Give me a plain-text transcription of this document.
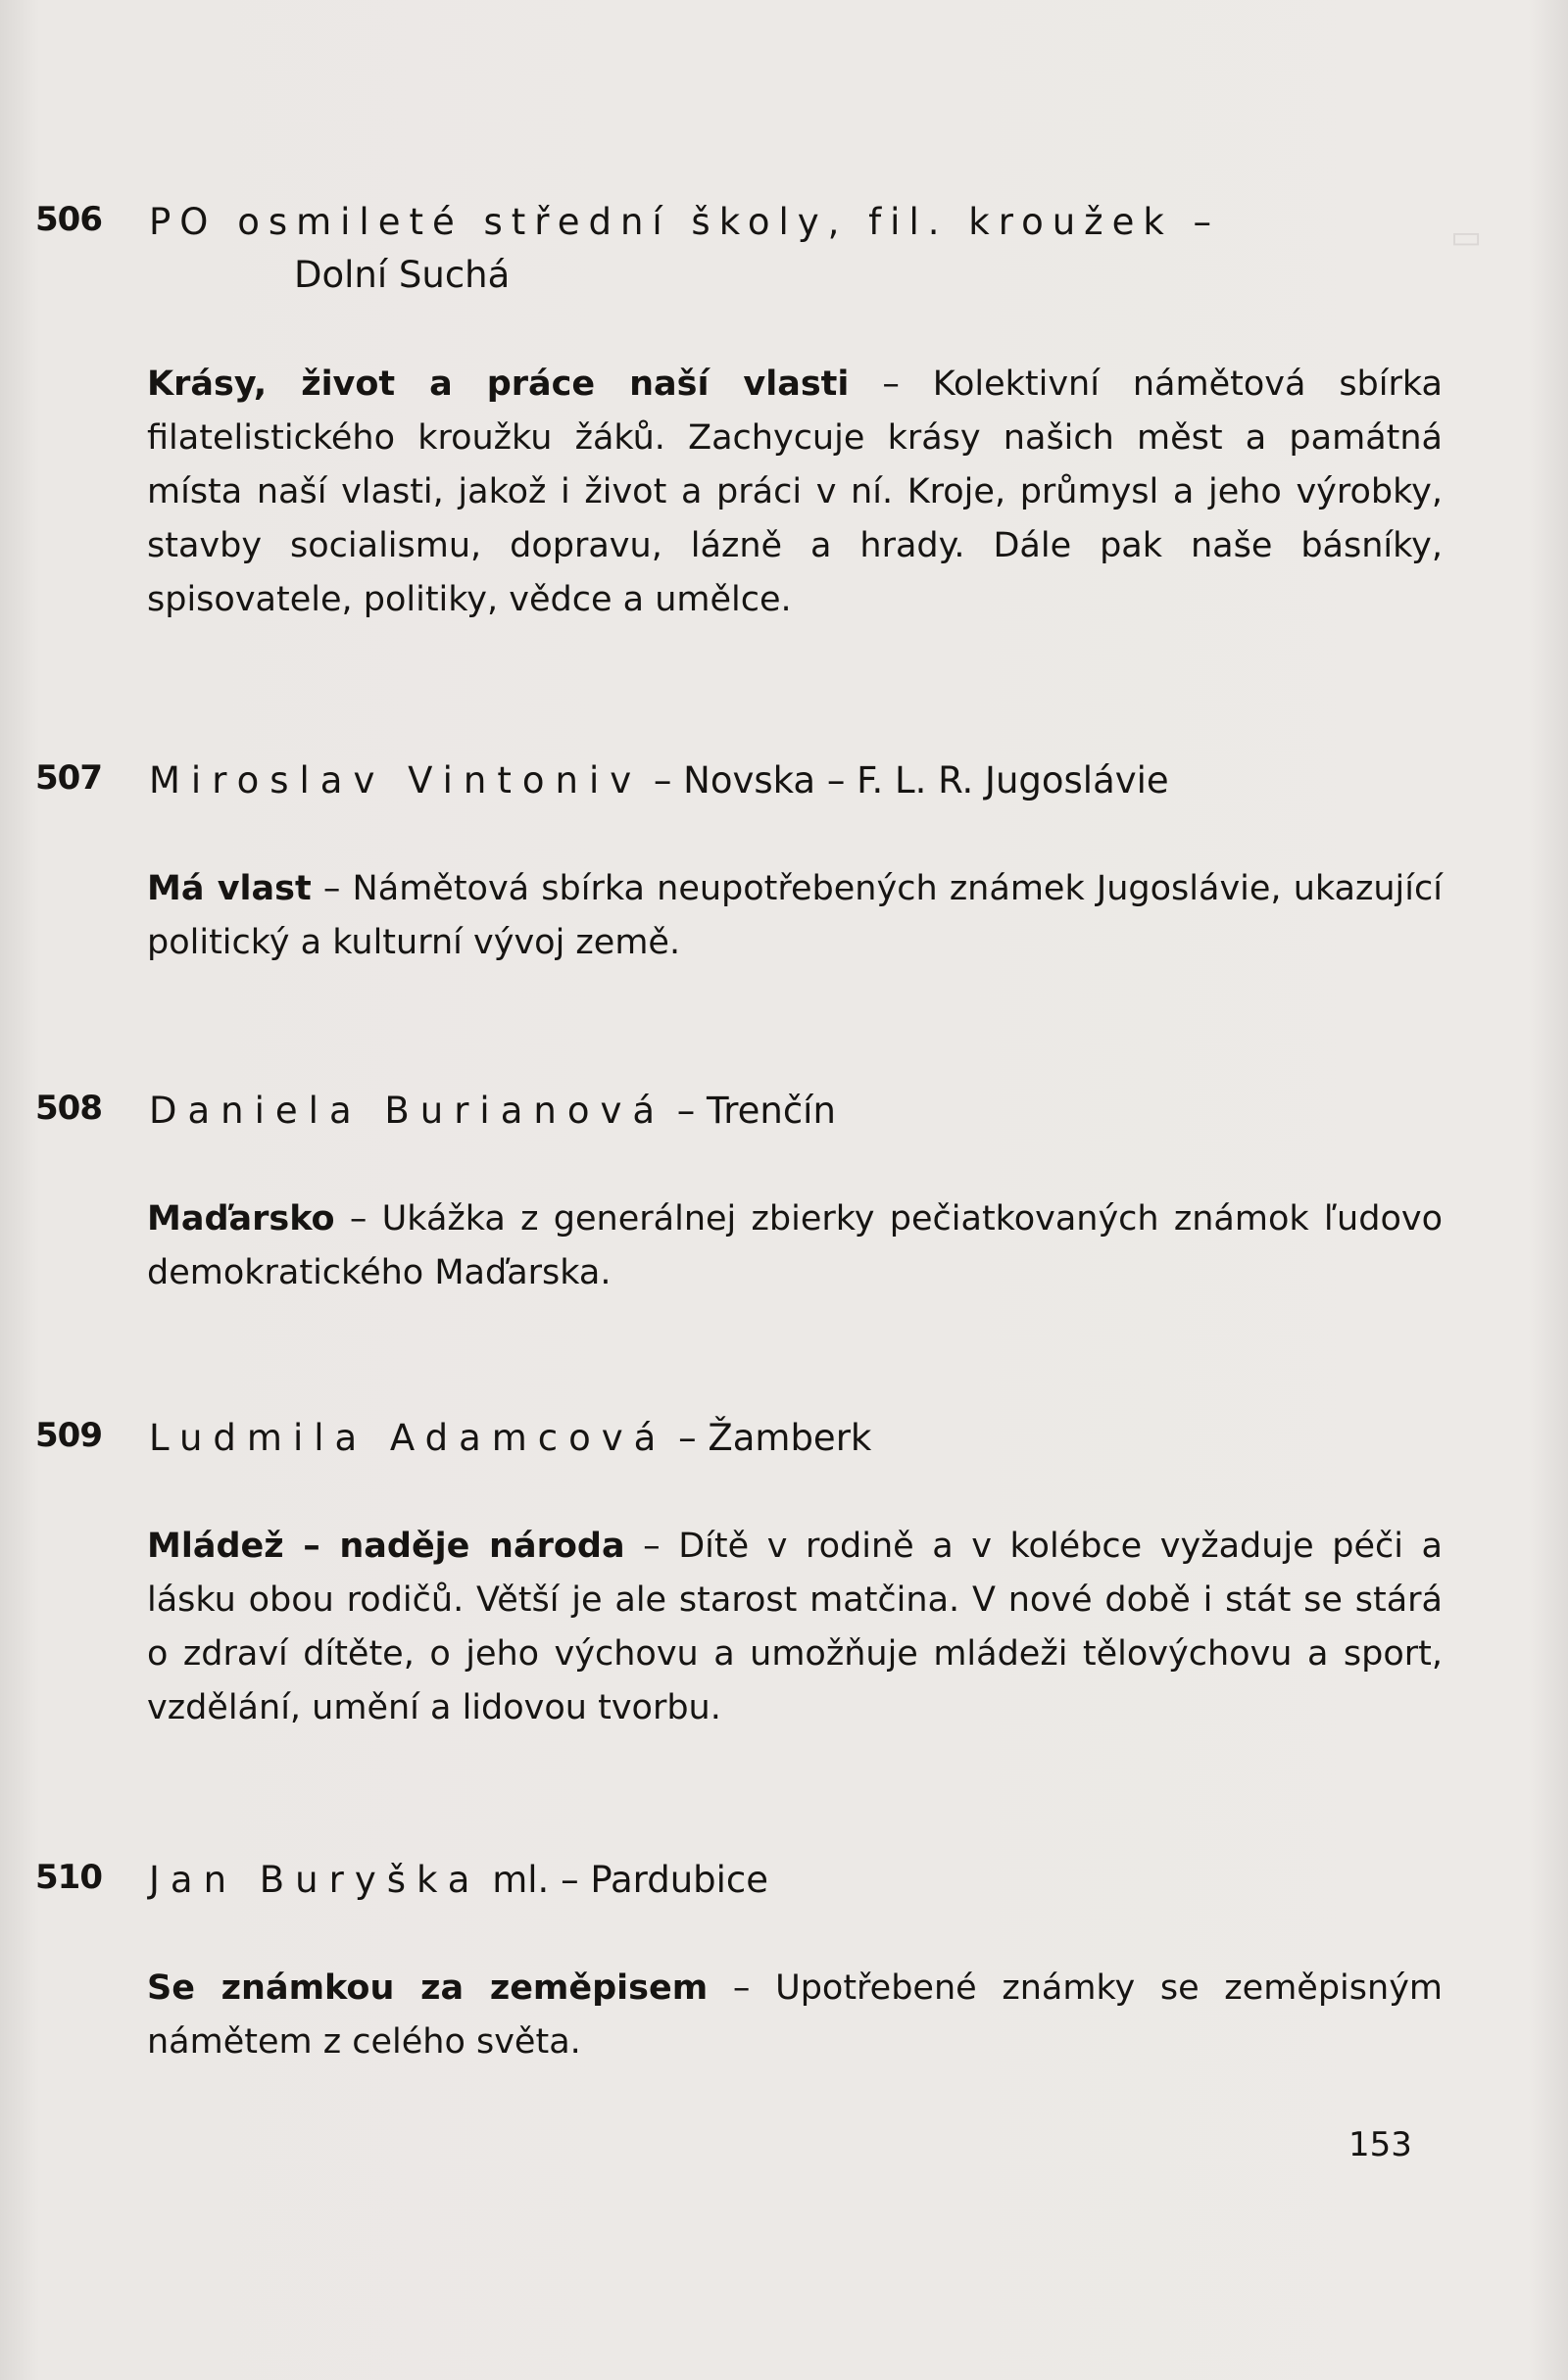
▭
506 PO osmileté střední školy, fil. kroužek –
Dolní Suchá
Krásy, život a práce naší vlasti – Kolektivní námětová sbírka filatelistického kroužku žáků. Zachycuje krásy našich měst a památná místa naší vlasti, jakož i život a práci v ní. Kroje, průmysl a jeho výrobky, stavby socialismu, dopravu, lázně a hrady. Dále pak naše básníky, spisovatele, politiky, vědce a umělce.
507 Miroslav Vintoniv – Novska – F. L. R. Jugoslávie
Má vlast – Námětová sbírka neupotřebených známek Jugoslávie, ukazující politický a kulturní vývoj země.
508 Daniela Burianová – Trenčín
Maďarsko – Ukážka z generálnej zbierky pečiatkovaných známok ľudovo demokratického Maďarska.
509 Ludmila Adamcová – Žamberk
Mládež – naděje národa – Dítě v rodině a v kolébce vyžaduje péči a lásku obou rodičů. Větší je ale starost matčina. V nové době i stát se stárá o zdraví dítěte, o jeho výchovu a umožňuje mládeži tělovýchovu a sport, vzdělání, umění a lidovou tvorbu.
510 Jan Buryška ml. – Pardubice
Se známkou za zeměpisem – Upotřebené známky se zeměpisným námětem z celého světa.
153
